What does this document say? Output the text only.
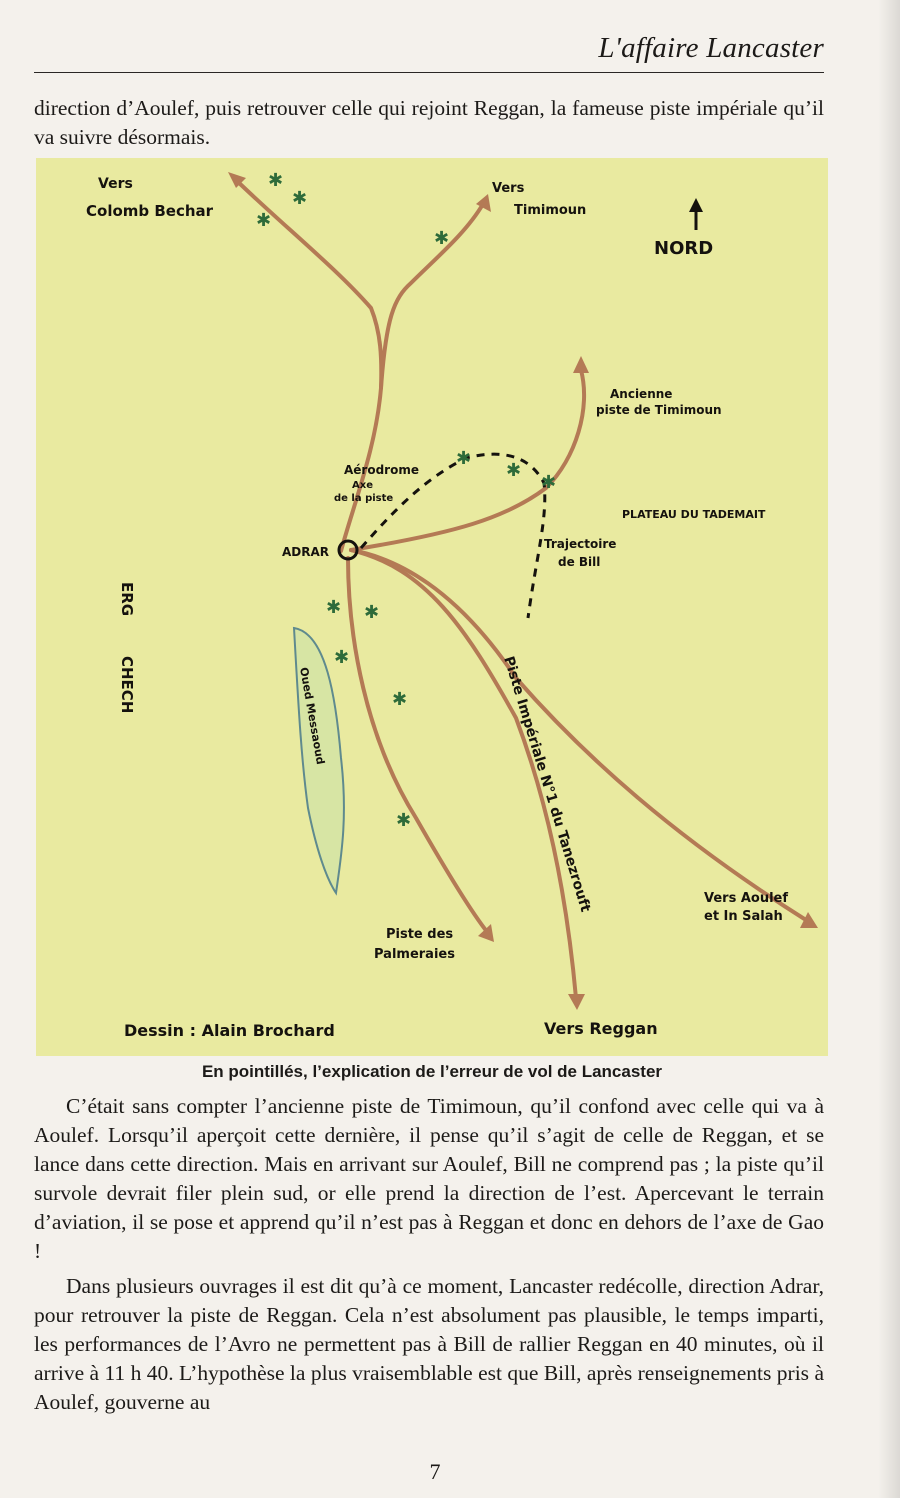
L'affaire Lancaster

direction d’Aoulef, puis retrouver celle qui rejoint Reggan, la fameuse piste impériale qu’il va suivre désormais.

✱
✱
✱
✱
✱
✱
✱
✱ ✱
✱
✱
✱
Vers
Colomb Bechar
Vers
Timimoun
NORD
Ancienne
piste de Timimoun
Aérodrome
Axe
de la piste
PLATEAU DU TADEMAIT
ADRAR
Trajectoire
de Bill
ERG
CHECH	Oued Messaoud	Piste Impériale N°1 du Tanezrouft	Vers Aoulef
et In Salah
Piste des
Palmeraies
Vers Reggan
Dessin : Alain Brochard
En pointillés, l’explication de l’erreur de vol de Lancaster

C’était sans compter l’ancienne piste de Timimoun, qu’il confond avec celle qui va à Aoulef. Lorsqu’il aperçoit cette dernière, il pense qu’il s’agit de celle de Reggan, et se lance dans cette direction. Mais en arrivant sur Aoulef, Bill ne comprend pas ; la piste qu’il survole devrait filer plein sud, or elle prend la direction de l’est. Apercevant le terrain d’aviation, il se pose et apprend qu’il n’est pas à Reggan et donc en dehors de l’axe de Gao !

Dans plusieurs ouvrages il est dit qu’à ce moment, Lancaster redécolle, direction Adrar, pour retrouver la piste de Reggan. Cela n’est absolument pas plausible, le temps imparti, les performances de l’Avro ne permettent pas à Bill de rallier Reggan en 40 minutes, où il arrive à 11 h 40. L’hypothèse la plus vraisemblable est que Bill, après renseignements pris à Aoulef, gouverne au

7
